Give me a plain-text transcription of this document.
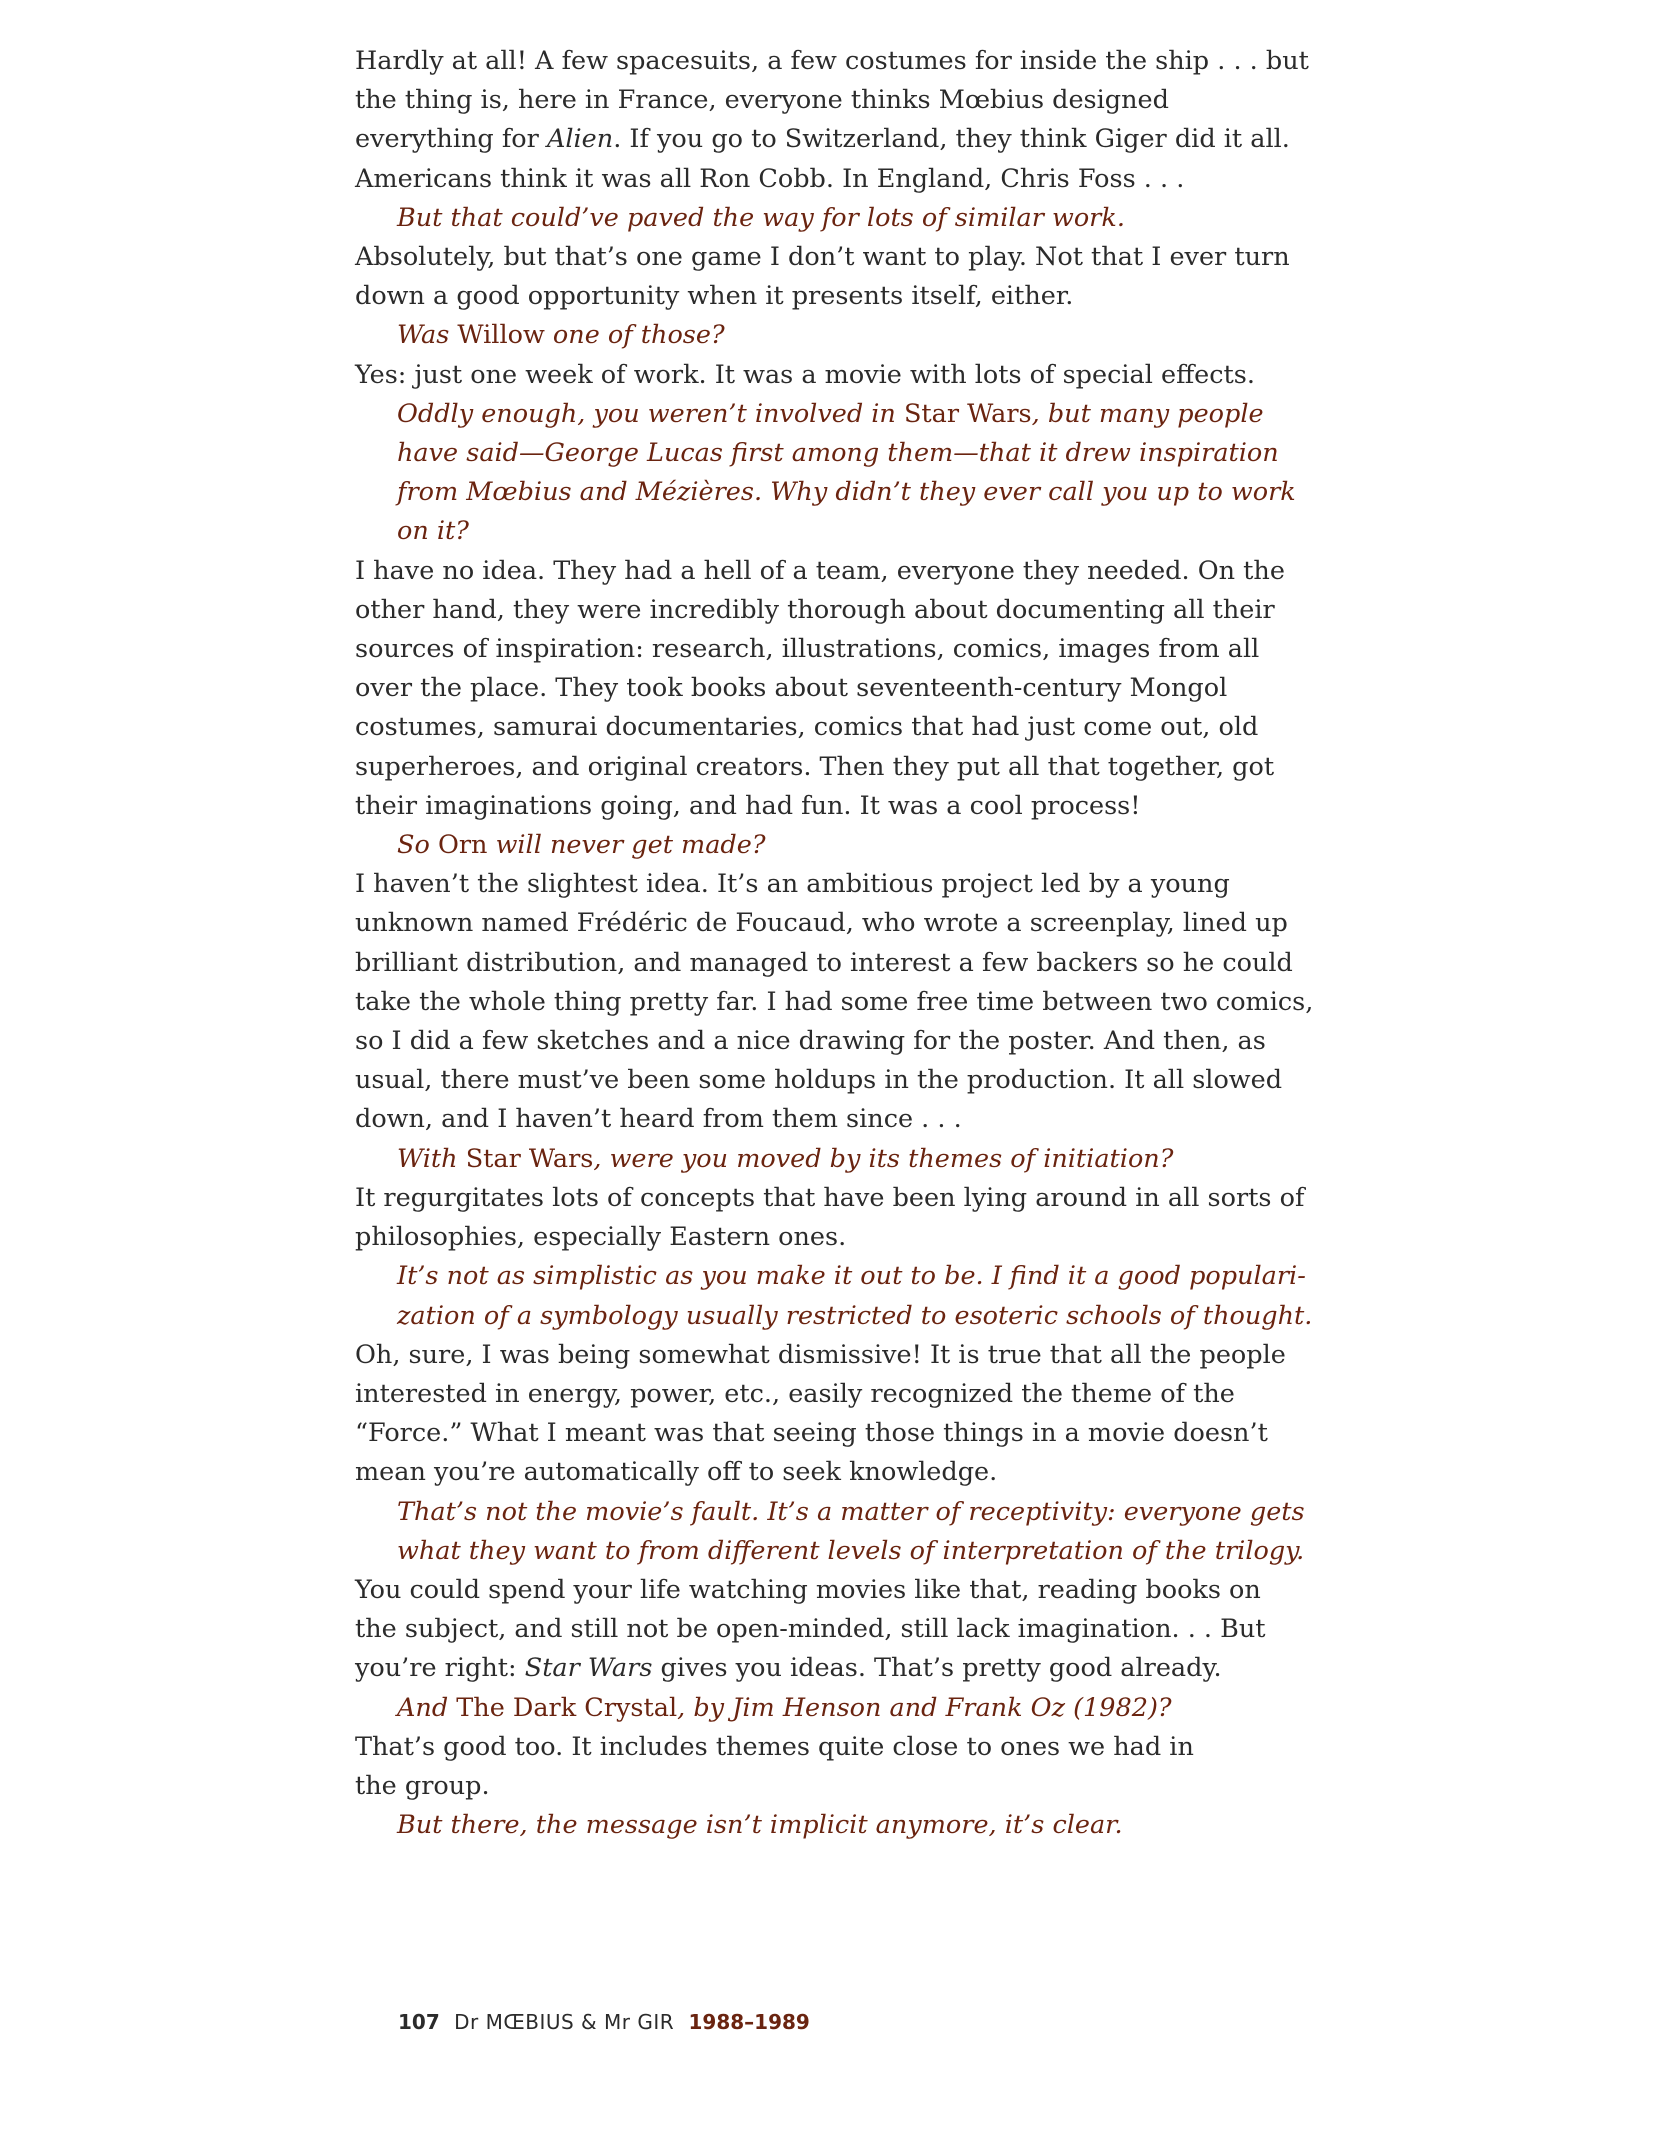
Hardly at all! A few spacesuits, a few costumes for inside the ship . . . but
the thing is, here in France, everyone thinks Mœbius designed
everything for Alien. If you go to Switzerland, they think Giger did it all.
Americans think it was all Ron Cobb. In England, Chris Foss . . .

But that could’ve paved the way for lots of similar work.

Absolutely, but that’s one game I don’t want to play. Not that I ever turn
down a good opportunity when it presents itself, either.

Was Willow one of those?

Yes: just one week of work. It was a movie with lots of special effects.

Oddly enough, you weren’t involved in Star Wars, but many people
have said—George Lucas first among them—that it drew inspiration
from Mœbius and Mézières. Why didn’t they ever call you up to work
on it?

I have no idea. They had a hell of a team, everyone they needed. On the
other hand, they were incredibly thorough about documenting all their
sources of inspiration: research, illustrations, comics, images from all
over the place. They took books about seventeenth-century Mongol
costumes, samurai documentaries, comics that had just come out, old
superheroes, and original creators. Then they put all that together, got
their imaginations going, and had fun. It was a cool process!

So Orn will never get made?

I haven’t the slightest idea. It’s an ambitious project led by a young
unknown named Frédéric de Foucaud, who wrote a screenplay, lined up
brilliant distribution, and managed to interest a few backers so he could
take the whole thing pretty far. I had some free time between two comics,
so I did a few sketches and a nice drawing for the poster. And then, as
usual, there must’ve been some holdups in the production. It all slowed
down, and I haven’t heard from them since . . .

With Star Wars, were you moved by its themes of initiation?

It regurgitates lots of concepts that have been lying around in all sorts of
philosophies, especially Eastern ones.

It’s not as simplistic as you make it out to be. I find it a good populari-
zation of a symbology usually restricted to esoteric schools of thought.

Oh, sure, I was being somewhat dismissive! It is true that all the people
interested in energy, power, etc., easily recognized the theme of the
“Force.” What I meant was that seeing those things in a movie doesn’t
mean you’re automatically off to seek knowledge.

That’s not the movie’s fault. It’s a matter of receptivity: everyone gets
what they want to from different levels of interpretation of the trilogy.

You could spend your life watching movies like that, reading books on
the subject, and still not be open-minded, still lack imagination. . . But
you’re right: Star Wars gives you ideas. That’s pretty good already.

And The Dark Crystal, by Jim Henson and Frank Oz (1982)?

That’s good too. It includes themes quite close to ones we had in
the group.

But there, the message isn’t implicit anymore, it’s clear.

107 Dr MŒBIUS & Mr GIR 1988–1989
